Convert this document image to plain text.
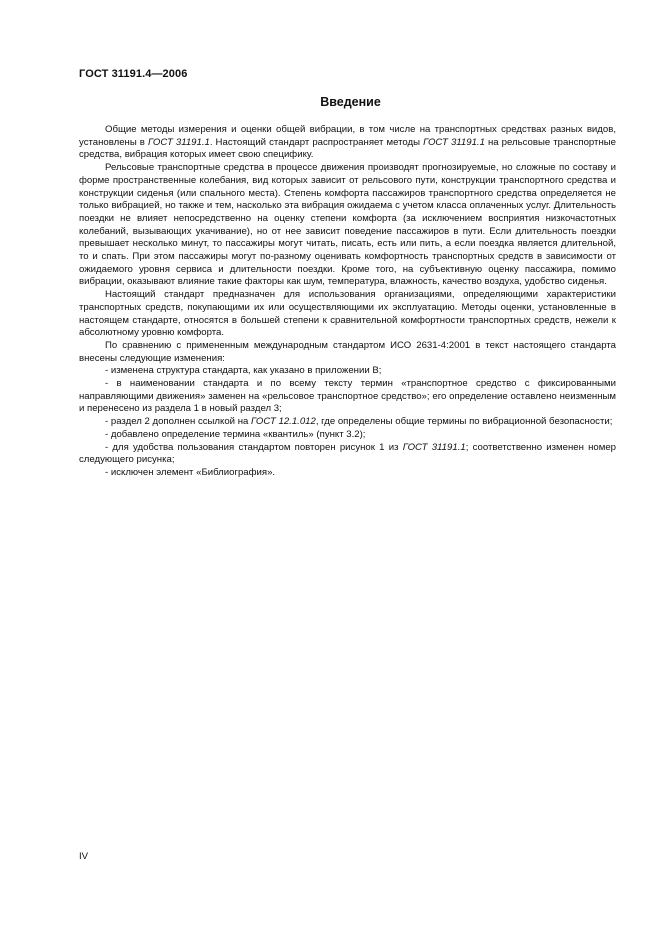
ГОСТ 31191.4—2006
Введение

Общие методы измерения и оценки общей вибрации, в том числе на транспортных средствах разных видов, установлены в ГОСТ 31191.1. Настоящий стандарт распространяет методы ГОСТ 31191.1 на рельсовые транспортные средства, вибрация которых имеет свою специфику.

Рельсовые транспортные средства в процессе движения производят прогнозируемые, но сложные по составу и форме пространственные колебания, вид которых зависит от рельсового пути, конструкции транспортного средства и конструкции сиденья (или спального места). Степень комфорта пассажиров транспортного средства определяется не только вибрацией, но также и тем, насколько эта вибрация ожидаема с учетом класса оплаченных услуг. Длительность поездки не влияет непосредственно на оценку степени комфорта (за исключением восприятия низкочастотных колебаний, вызывающих укачивание), но от нее зависит поведение пассажиров в пути. Если длительность поездки превышает несколько минут, то пассажиры могут читать, писать, есть или пить, а если поездка является длительной, то и спать. При этом пассажиры могут по-разному оценивать комфортность транспортных средств в зависимости от ожидаемого уровня сервиса и длительности поездки. Кроме того, на субъективную оценку пассажира, помимо вибрации, оказывают влияние такие факторы как шум, температура, влажность, качество воздуха, удобство сиденья.

Настоящий стандарт предназначен для использования организациями, определяющими характеристики транспортных средств, покупающими их или осуществляющими их эксплуатацию. Методы оценки, установленные в настоящем стандарте, относятся в большей степени к сравнительной комфортности транспортных средств, нежели к абсолютному уровню комфорта.

По сравнению с примененным международным стандартом ИСО 2631-4:2001 в текст настоящего стандарта внесены следующие изменения:

- изменена структура стандарта, как указано в приложении В;

- в наименовании стандарта и по всему тексту термин «транспортное средство с фиксированными направляющими движения» заменен на «рельсовое транспортное средство»; его определение оставлено неизменным и перенесено из раздела 1 в новый раздел 3;

- раздел 2 дополнен ссылкой на ГОСТ 12.1.012, где определены общие термины по вибрационной безопасности;

- добавлено определение термина «квантиль» (пункт 3.2);

- для удобства пользования стандартом повторен рисунок 1 из ГОСТ 31191.1; соответственно изменен номер следующего рисунка;

- исключен элемент «Библиография».

IV
